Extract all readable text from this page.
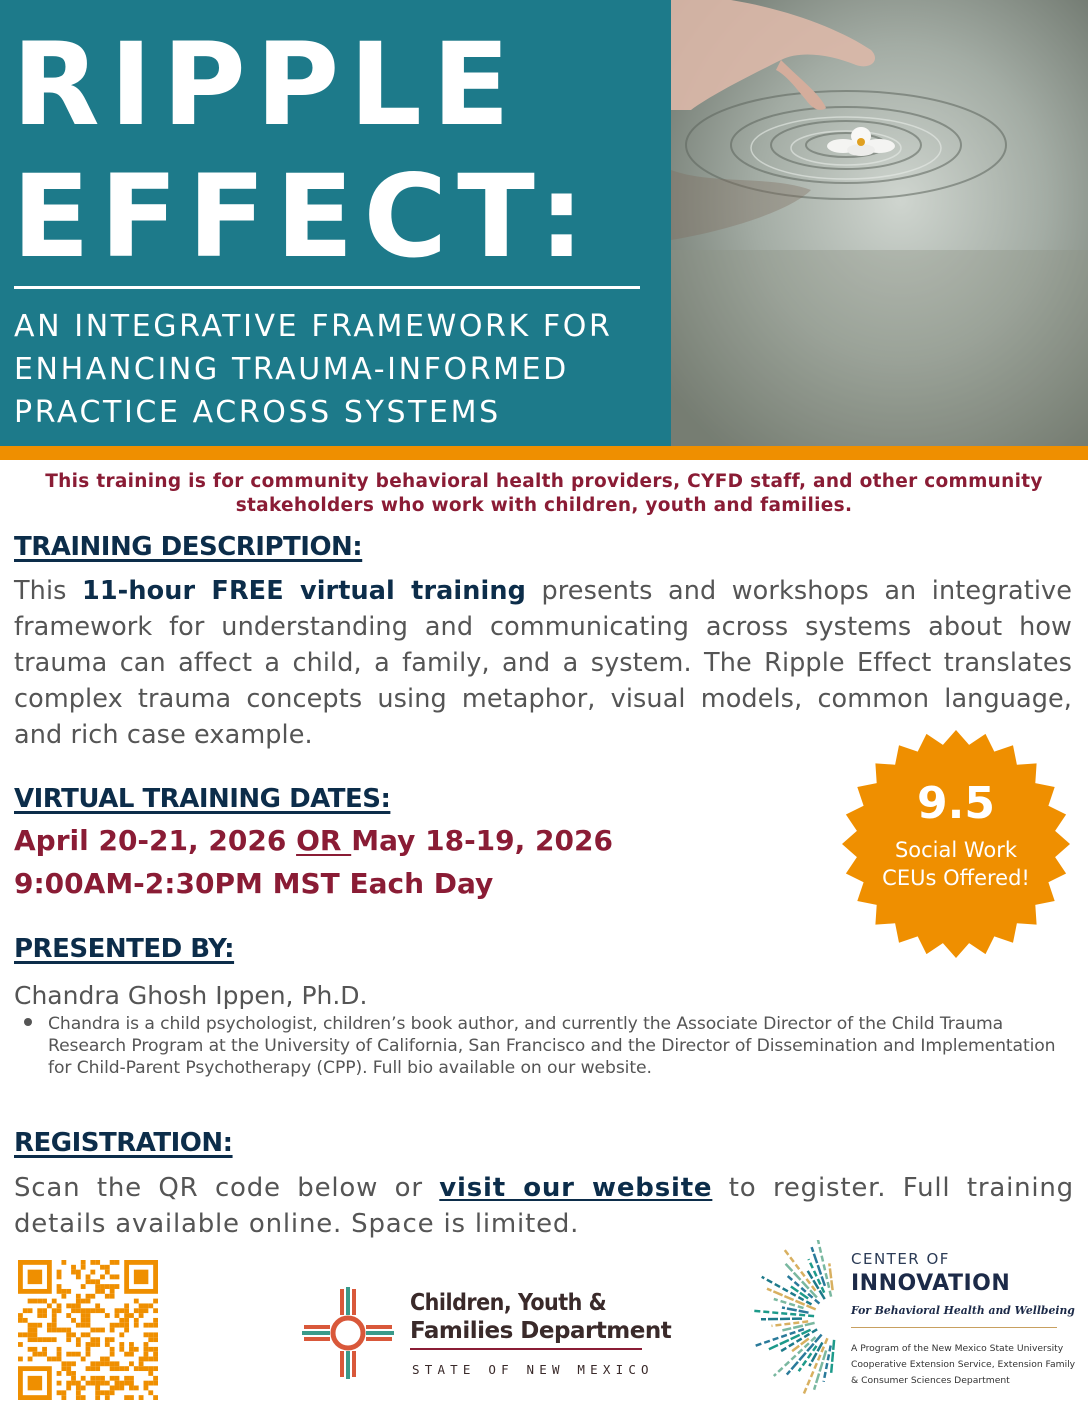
RIPPLE
EFFECT:
AN INTEGRATIVE FRAMEWORK FOR
ENHANCING TRAUMA-INFORMED
PRACTICE ACROSS SYSTEMS
This training is for community behavioral health providers, CYFD staff, and other community stakeholders who work with children, youth and families.
TRAINING DESCRIPTION:
This 11-hour FREE virtual training presents and workshops an integrative framework for understanding and communicating across systems about how trauma can affect a child, a family, and a system. The Ripple Effect translates complex trauma concepts using metaphor, visual models, common language, and rich case example.
VIRTUAL TRAINING DATES:
April 20-21, 2026 OR May 18-19, 2026
9:00AM-2:30PM MST Each Day
9.5
Social Work
CEUs Offered!
PRESENTED BY:
Chandra Ghosh Ippen, Ph.D.
Chandra is a child psychologist, children’s book author, and currently the Associate Director of the Child Trauma Research Program at the University of California, San Francisco and the Director of Dissemination and Implementation for Child-Parent Psychotherapy (CPP). Full bio available on our website.
REGISTRATION:
Scan the QR code below or visit our website to register. Full training details available online. Space is limited.
Children, Youth &
Families Department
STATE OF NEW MEXICO
CENTER OF
INNOVATION
For Behavioral Health and Wellbeing
A Program of the New Mexico State University Cooperative Extension Service, Extension Family & Consumer Sciences Department
